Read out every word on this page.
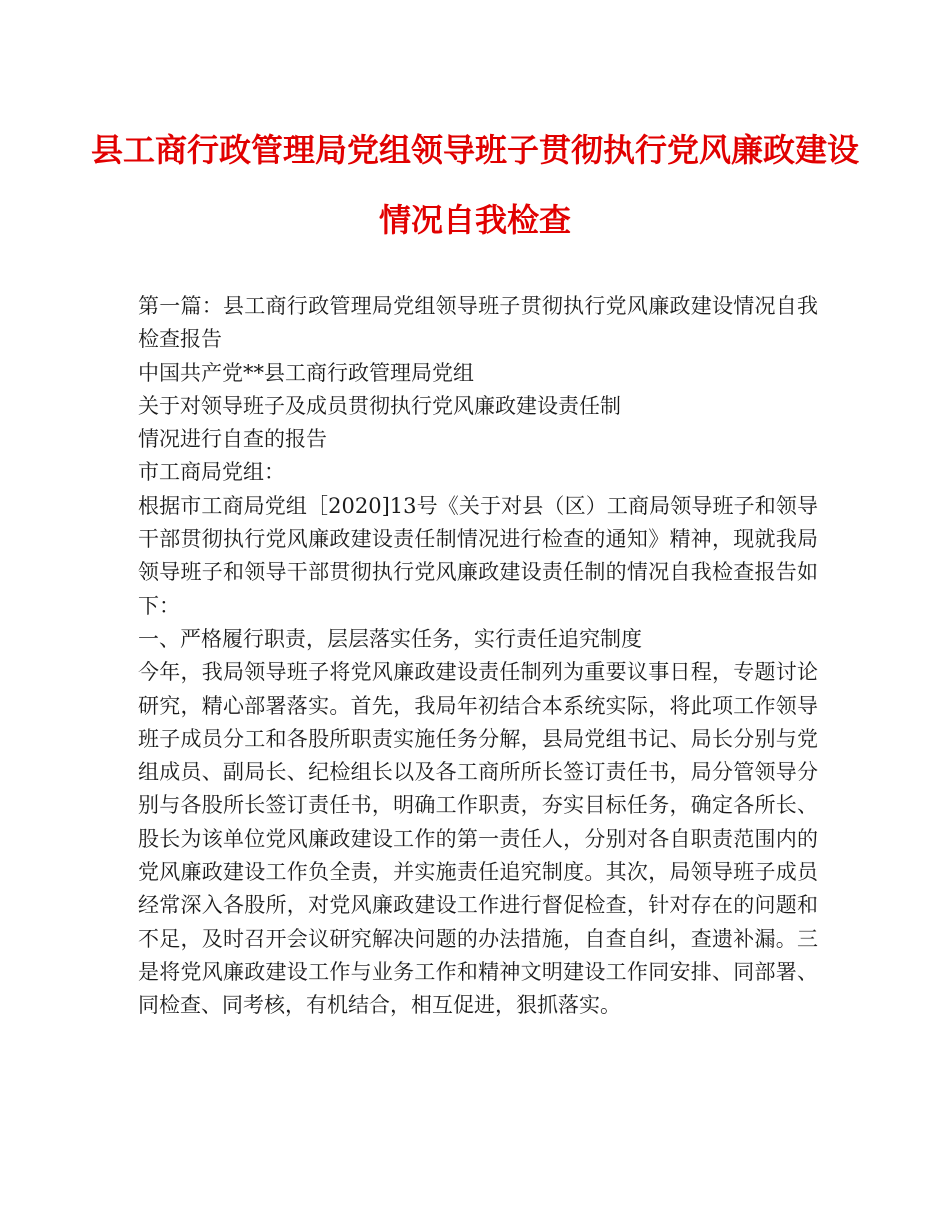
县工商行政管理局党组领导班子贯彻执行党风廉政建设
情况自我检查

第一篇：县工商行政管理局党组领导班子贯彻执行党风廉政建设情况自我检查报告

中国共产党**县工商行政管理局党组

关于对领导班子及成员贯彻执行党风廉政建设责任制

情况进行自查的报告

市工商局党组：

根据市工商局党组［2020]13号《关于对县（区）工商局领导班子和领导干部贯彻执行党风廉政建设责任制情况进行检查的通知》精神，现就我局领导班子和领导干部贯彻执行党风廉政建设责任制的情况自我检查报告如下：

一、严格履行职责，层层落实任务，实行责任追究制度

今年，我局领导班子将党风廉政建设责任制列为重要议事日程，专题讨论研究，精心部署落实。首先，我局年初结合本系统实际，将此项工作领导班子成员分工和各股所职责实施任务分解，县局党组书记、局长分别与党组成员、副局长、纪检组长以及各工商所所长签订责任书，局分管领导分别与各股所长签订责任书，明确工作职责，夯实目标任务，确定各所长、股长为该单位党风廉政建设工作的第一责任人，分别对各自职责范围内的党风廉政建设工作负全责，并实施责任追究制度。其次，局领导班子成员经常深入各股所，对党风廉政建设工作进行督促检查，针对存在的问题和不足，及时召开会议研究解决问题的办法措施，自查自纠，查遗补漏。三是将党风廉政建设工作与业务工作和精神文明建设工作同安排、同部署、同检查、同考核，有机结合，相互促进，狠抓落实。
